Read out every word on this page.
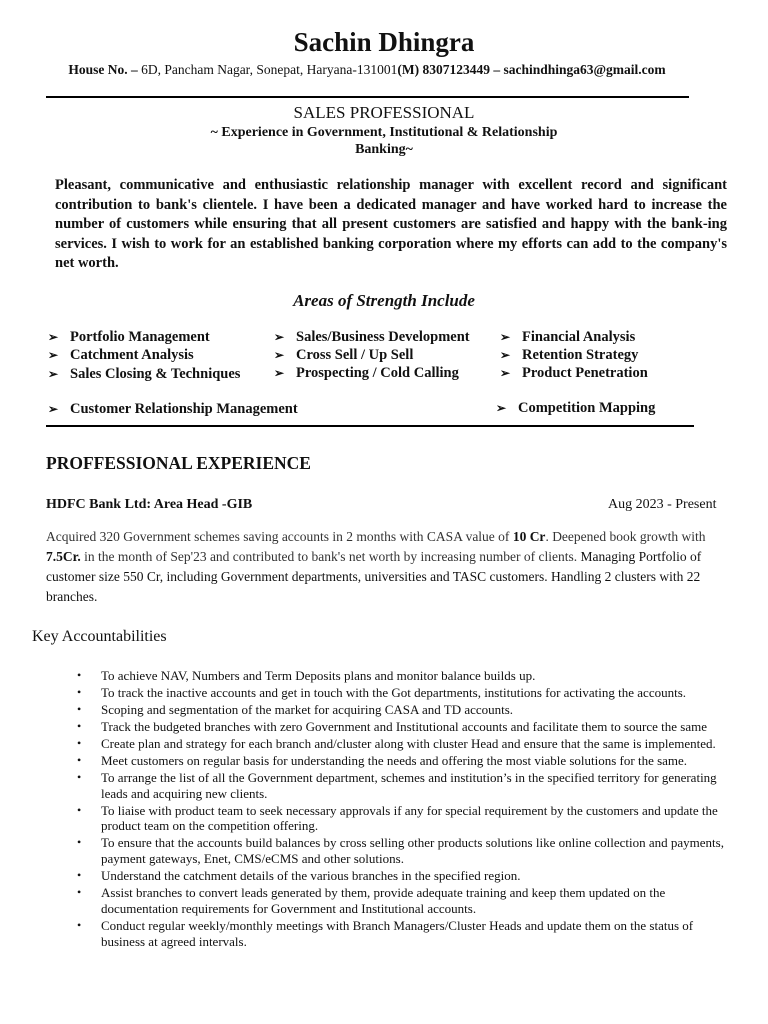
Sachin Dhingra
House No. – 6D, Pancham Nagar, Sonepat, Haryana-131001(M) 8307123449 – sachindhinga63@gmail.com
SALES PROFESSIONAL
~ Experience in Government, Institutional & Relationship
Banking~
Pleasant, communicative and enthusiastic relationship manager with excellent record and significant contribution to bank's clientele. I have been a dedicated manager and have worked hard to increase the number of customers while ensuring that all present customers are satisfied and happy with the bank-ing services. I wish to work for an established banking corporation where my efforts can add to the company's net worth.
Areas of Strength Include
➢ Portfolio Management
➢ Catchment Analysis
➢ Sales Closing & Techniques
➢ Sales/Business Development
➢ Cross Sell / Up Sell
➢ Prospecting / Cold Calling
➢ Financial Analysis
➢ Retention Strategy
➢ Product Penetration
➢ Customer Relationship Management	➢ Competition Mapping
PROFFESSIONAL EXPERIENCE
HDFC Bank Ltd: Area Head -GIB	Aug 2023 - Present
Acquired 320 Government schemes saving accounts in 2 months with CASA value of 10 Cr. Deepened book growth with 7.5Cr. in the month of Sep'23 and contributed to bank's net worth by increasing number of clients. Managing Portfolio of customer size 550 Cr, including Government departments, universities and TASC customers. Handling 2 clusters with 22 branches.
Key Accountabilities
• To achieve NAV, Numbers and Term Deposits plans and monitor balance builds up.
• To track the inactive accounts and get in touch with the Got departments, institutions for activating the accounts.
• Scoping and segmentation of the market for acquiring CASA and TD accounts.
• Track the budgeted branches with zero Government and Institutional accounts and facilitate them to source the same
• Create plan and strategy for each branch and/cluster along with cluster Head and ensure that the same is implemented.
• Meet customers on regular basis for understanding the needs and offering the most viable solutions for the same.
• To arrange the list of all the Government department, schemes and institution’s in the specified territory for generating leads and acquiring new clients.
• To liaise with product team to seek necessary approvals if any for special requirement by the customers and update the product team on the competition offering.
• To ensure that the accounts build balances by cross selling other products solutions like online collection and payments, payment gateways, Enet, CMS/eCMS and other solutions.
• Understand the catchment details of the various branches in the specified region.
• Assist branches to convert leads generated by them, provide adequate training and keep them updated on the documentation requirements for Government and Institutional accounts.
• Conduct regular weekly/monthly meetings with Branch Managers/Cluster Heads and update them on the status of business at agreed intervals.
